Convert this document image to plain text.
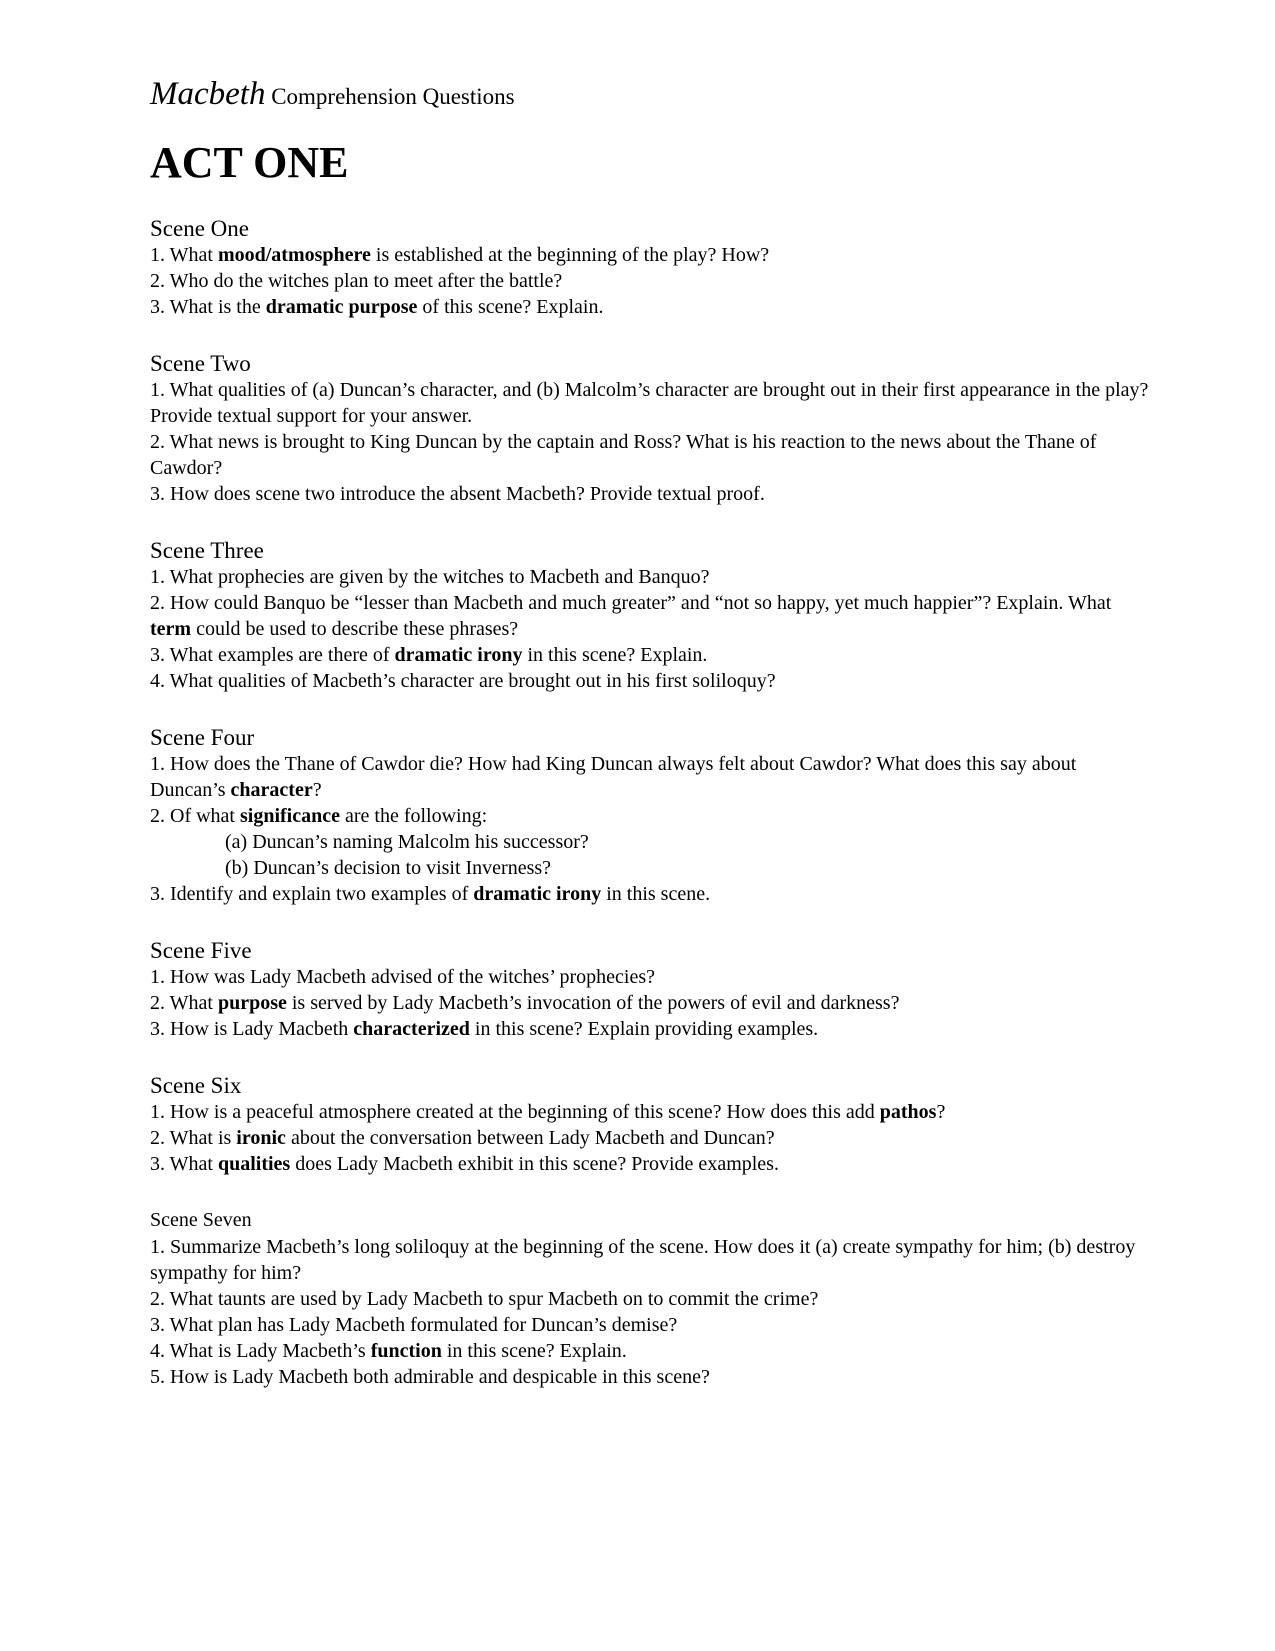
Macbeth Comprehension Questions
ACT ONE
Scene One

1. What mood/atmosphere is established at the beginning of the play? How?

2. Who do the witches plan to meet after the battle?

3. What is the dramatic purpose of this scene? Explain.

Scene Two

1. What qualities of (a) Duncan’s character, and (b) Malcolm’s character are brought out in their first appearance in the play? Provide textual support for your answer.

2. What news is brought to King Duncan by the captain and Ross? What is his reaction to the news about the Thane of Cawdor?

3. How does scene two introduce the absent Macbeth? Provide textual proof.

Scene Three

1. What prophecies are given by the witches to Macbeth and Banquo?

2. How could Banquo be “lesser than Macbeth and much greater” and “not so happy, yet much happier”? Explain. What term could be used to describe these phrases?

3. What examples are there of dramatic irony in this scene? Explain.

4. What qualities of Macbeth’s character are brought out in his first soliloquy?

Scene Four

1. How does the Thane of Cawdor die? How had King Duncan always felt about Cawdor? What does this say about Duncan’s character?

2. Of what significance are the following:

(a) Duncan’s naming Malcolm his successor?

(b) Duncan’s decision to visit Inverness?

3. Identify and explain two examples of dramatic irony in this scene.

Scene Five

1. How was Lady Macbeth advised of the witches’ prophecies?

2. What purpose is served by Lady Macbeth’s invocation of the powers of evil and darkness?

3. How is Lady Macbeth characterized in this scene? Explain providing examples.

Scene Six

1. How is a peaceful atmosphere created at the beginning of this scene? How does this add pathos?

2. What is ironic about the conversation between Lady Macbeth and Duncan?

3. What qualities does Lady Macbeth exhibit in this scene? Provide examples.

Scene Seven

1. Summarize Macbeth’s long soliloquy at the beginning of the scene. How does it (a) create sympathy for him; (b) destroy sympathy for him?

2. What taunts are used by Lady Macbeth to spur Macbeth on to commit the crime?

3. What plan has Lady Macbeth formulated for Duncan’s demise?

4. What is Lady Macbeth’s function in this scene? Explain.

5. How is Lady Macbeth both admirable and despicable in this scene?
